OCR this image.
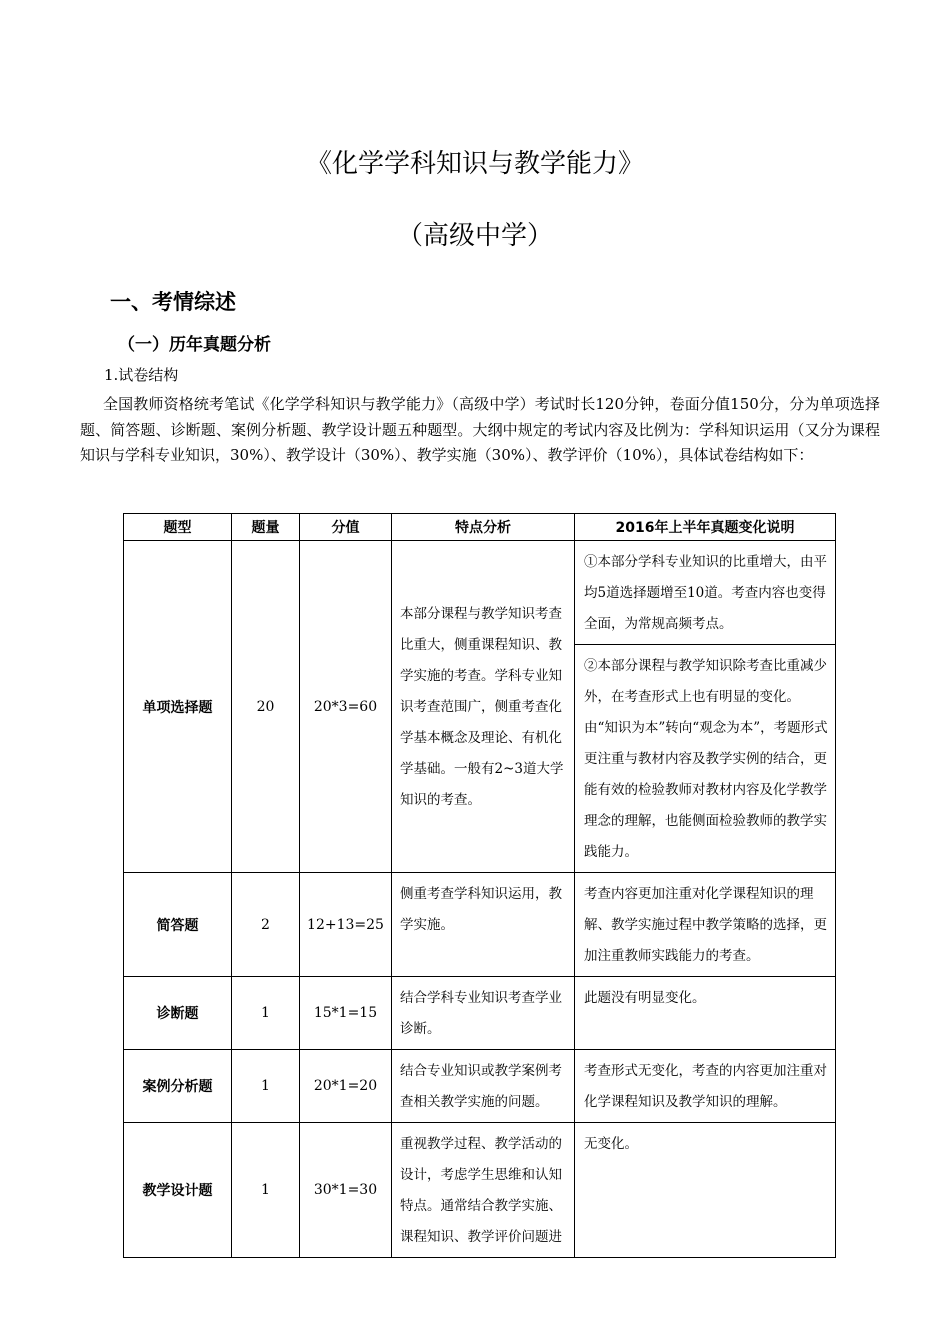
《化学学科知识与教学能力》
（高级中学）
一、考情综述
（一）历年真题分析
1.试卷结构

全国教师资格统考笔试《化学学科知识与教学能力》（高级中学）考试时长120分钟，卷面分值150分，分为单项选择题、简答题、诊断题、案例分析题、教学设计题五种题型。大纲中规定的考试内容及比例为：学科知识运用（又分为课程知识与学科专业知识，30%）、教学设计（30%）、教学实施（30%）、教学评价（10%），具体试卷结构如下：

题型	题量	分值	特点分析	2016年上半年真题变化说明
单项选择题	20	20*3=60	本部分课程与教学知识考查比重大，侧重课程知识、教学实施的考查。学科专业知识考查范围广，侧重考查化学基本概念及理论、有机化学基础。一般有2~3道大学知识的考查。	①本部分学科专业知识的比重增大，由平均5道选择题增至10道。考查内容也变得全面，为常规高频考点。
				②本部分课程与教学知识除考查比重减少外，在考查形式上也有明显的变化。由“知识为本”转向“观念为本”，考题形式更注重与教材内容及教学实例的结合，更能有效的检验教师对教材内容及化学教学理念的理解，也能侧面检验教师的教学实践能力。
简答题	2	12+13=25	侧重考查学科知识运用，教学实施。	考查内容更加注重对化学课程知识的理解、教学实施过程中教学策略的选择，更加注重教师实践能力的考查。
诊断题	1	15*1=15	结合学科专业知识考查学业诊断。	此题没有明显变化。
案例分析题	1	20*1=20	结合专业知识或教学案例考查相关教学实施的问题。	考查形式无变化，考查的内容更加注重对化学课程知识及教学知识的理解。
教学设计题	1	30*1=30	重视教学过程、教学活动的设计，考虑学生思维和认知特点。通常结合教学实施、课程知识、教学评价问题进	无变化。
